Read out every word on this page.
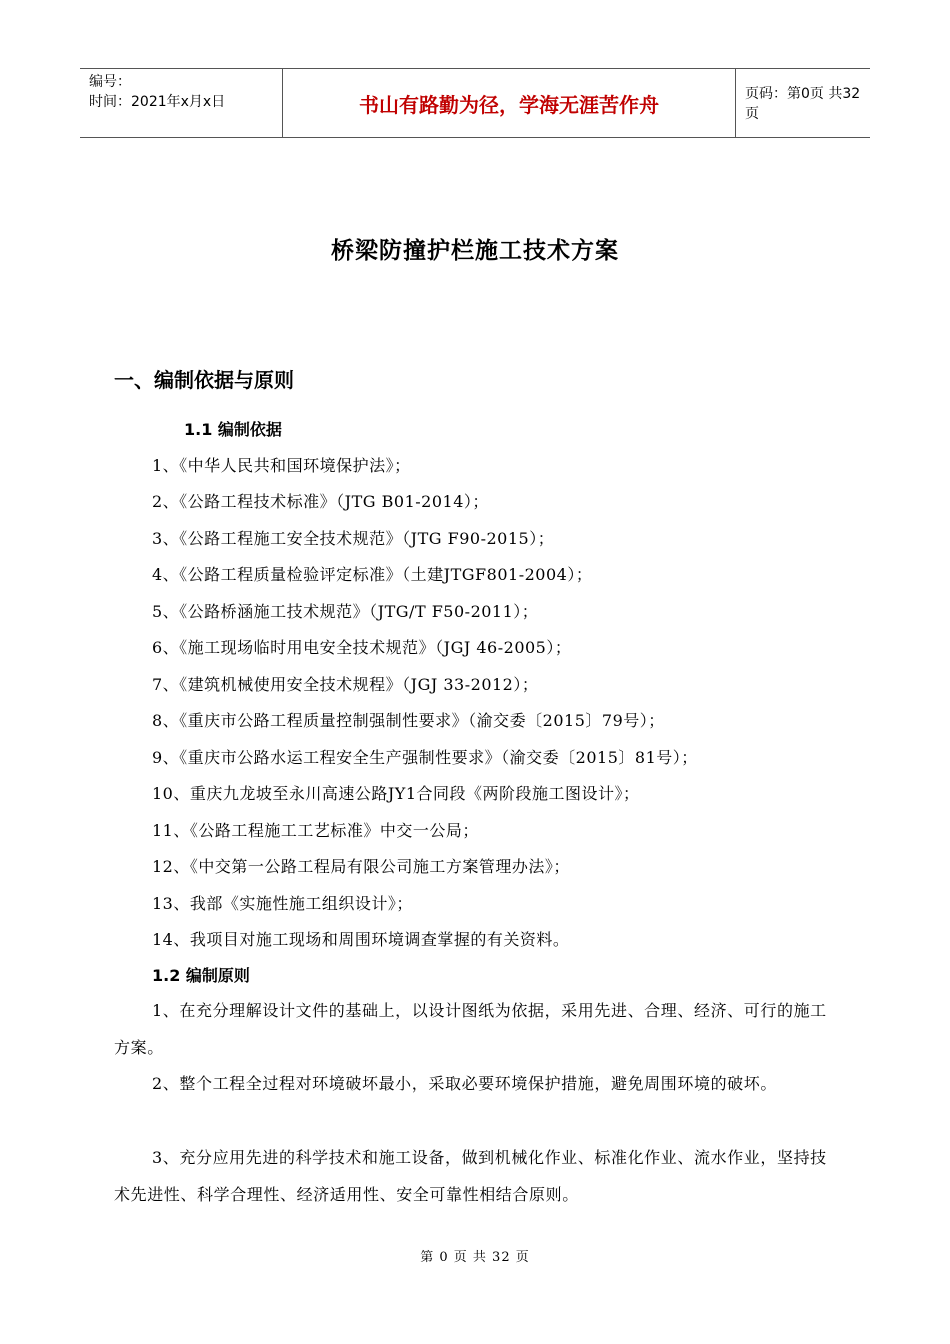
编号：
时间：2021年x月x日	书山有路勤为径，学海无涯苦作舟	页码：第0页 共32页
桥梁防撞护栏施工技术方案
一、编制依据与原则
1.1 编制依据
1、《中华人民共和国环境保护法》；
2、《公路工程技术标准》（JTG B01-2014）；
3、《公路工程施工安全技术规范》（JTG F90-2015）；
4、《公路工程质量检验评定标准》（土建JTGF801-2004）；
5、《公路桥涵施工技术规范》（JTG/T F50-2011）；
6、《施工现场临时用电安全技术规范》（JGJ 46-2005）；
7、《建筑机械使用安全技术规程》（JGJ 33-2012）；
8、《重庆市公路工程质量控制强制性要求》（渝交委〔2015〕79号）；
9、《重庆市公路水运工程安全生产强制性要求》（渝交委〔2015〕81号）；
10、重庆九龙坡至永川高速公路JY1合同段《两阶段施工图设计》；
11、《公路工程施工工艺标准》中交一公局；
12、《中交第一公路工程局有限公司施工方案管理办法》；
13、我部《实施性施工组织设计》；
14、我项目对施工现场和周围环境调查掌握的有关资料。
1.2 编制原则
1、在充分理解设计文件的基础上，以设计图纸为依据，采用先进、合理、经济、可行的施工方案。
2、整个工程全过程对环境破坏最小，采取必要环境保护措施，避免周围环境的破坏。
3、充分应用先进的科学技术和施工设备，做到机械化作业、标准化作业、流水作业，坚持技术先进性、科学合理性、经济适用性、安全可靠性相结合原则。
第 0 页 共 32 页
